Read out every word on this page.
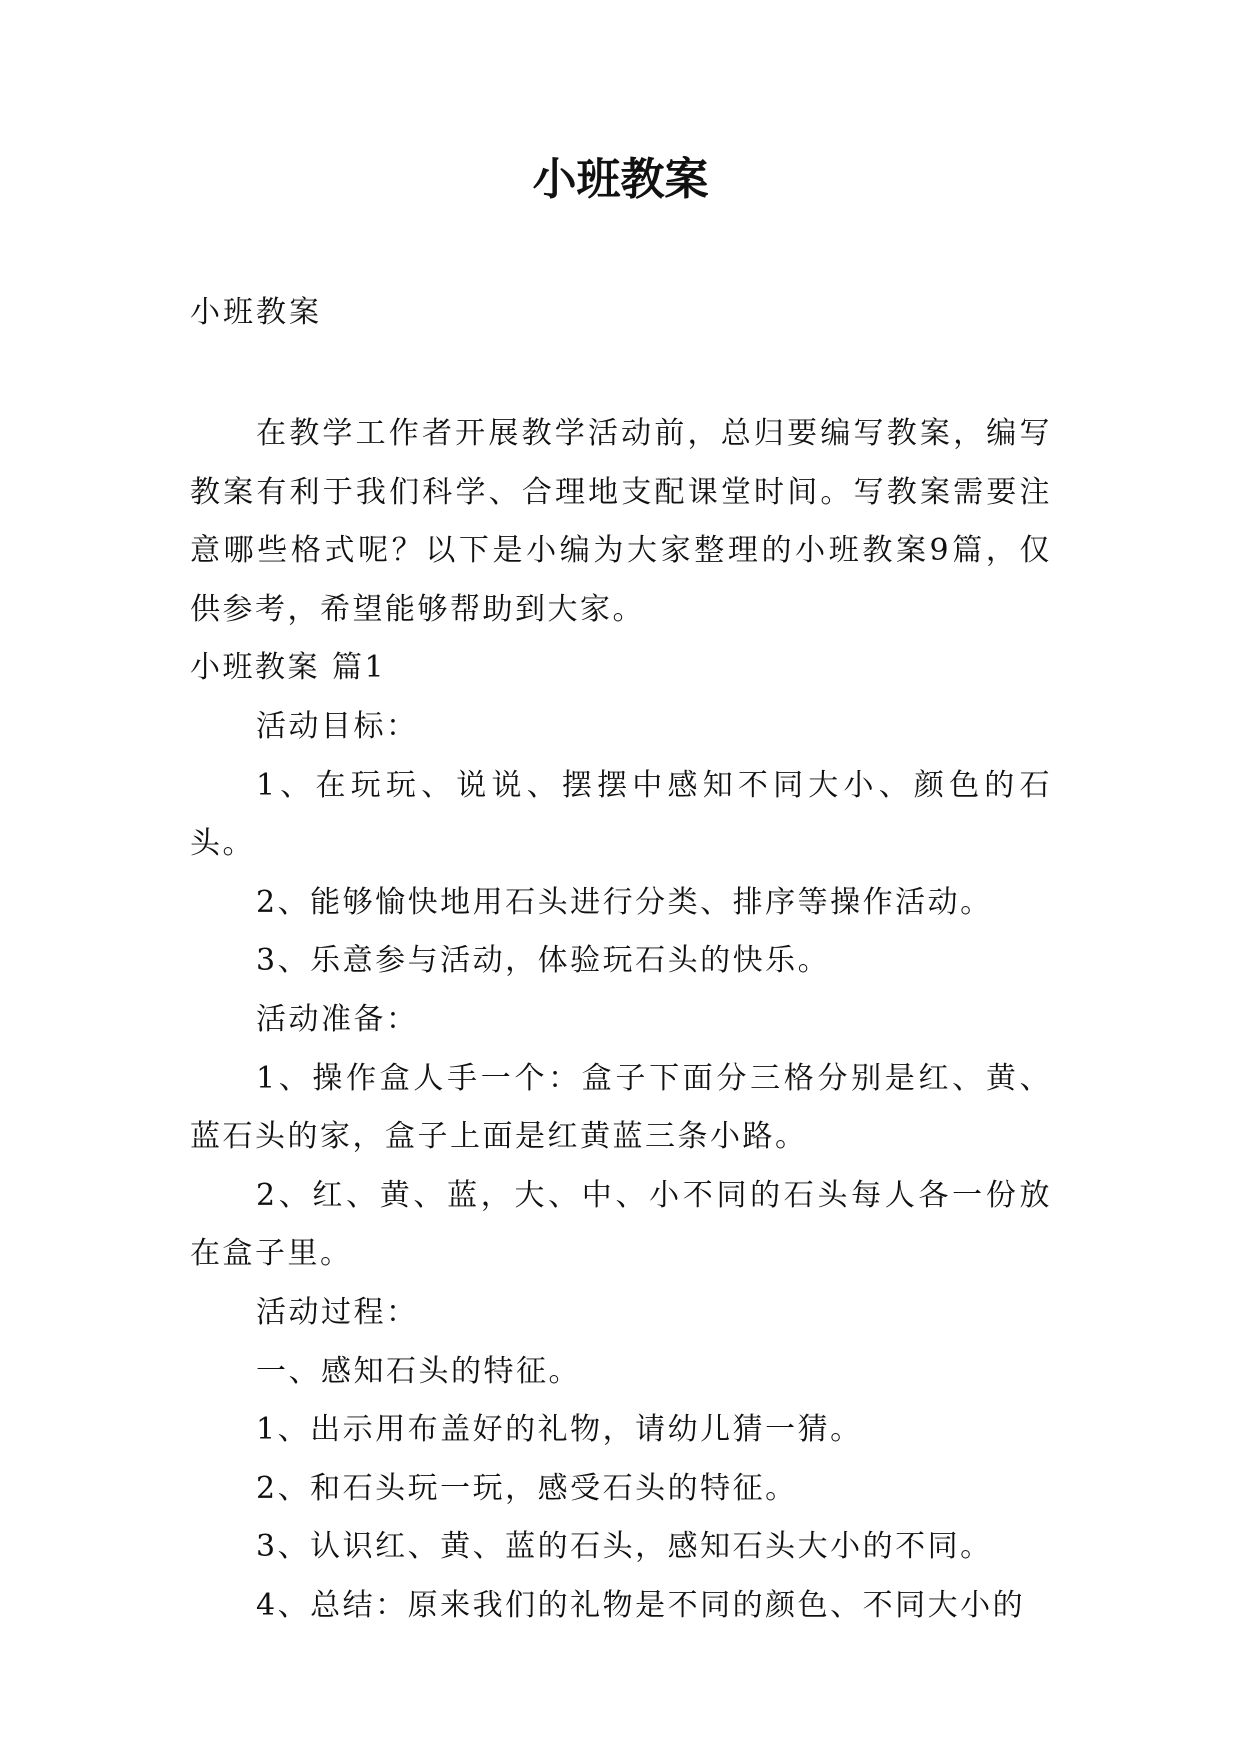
小班教案
小班教案

在教学工作者开展教学活动前，总归要编写教案，编写教案有利于我们科学、合理地支配课堂时间。写教案需要注意哪些格式呢？以下是小编为大家整理的小班教案9篇，仅供参考，希望能够帮助到大家。

小班教案 篇1

活动目标：

1、在玩玩、说说、摆摆中感知不同大小、颜色的石头。

2、能够愉快地用石头进行分类、排序等操作活动。

3、乐意参与活动，体验玩石头的快乐。

活动准备：

1、操作盒人手一个：盒子下面分三格分别是红、黄、蓝石头的家，盒子上面是红黄蓝三条小路。

2、红、黄、蓝，大、中、小不同的石头每人各一份放在盒子里。

活动过程：

一、感知石头的特征。

1、出示用布盖好的礼物，请幼儿猜一猜。

2、和石头玩一玩，感受石头的特征。

3、认识红、黄、蓝的石头，感知石头大小的不同。

4、总结：原来我们的礼物是不同的颜色、不同大小的
